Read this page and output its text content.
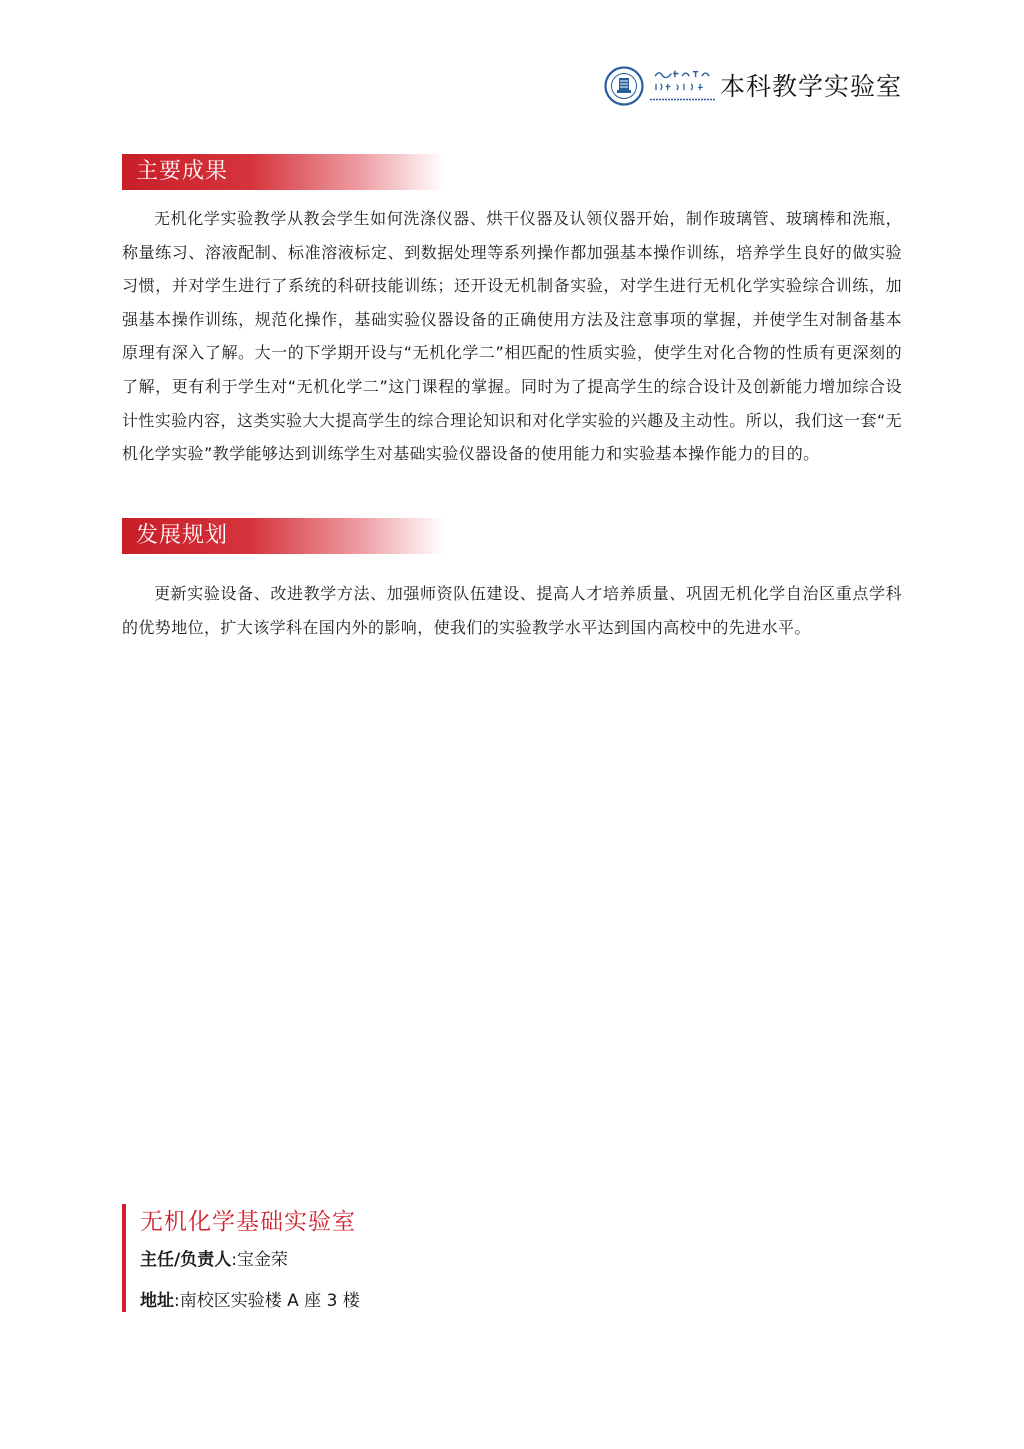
本科教学实验室
主要成果

无机化学实验教学从教会学生如何洗涤仪器、烘干仪器及认领仪器开始，制作玻璃管、玻璃棒和洗瓶，称量练习、溶液配制、标准溶液标定、到数据处理等系列操作都加强基本操作训练，培养学生良好的做实验习惯，并对学生进行了系统的科研技能训练；还开设无机制备实验，对学生进行无机化学实验综合训练，加强基本操作训练，规范化操作，基础实验仪器设备的正确使用方法及注意事项的掌握，并使学生对制备基本原理有深入了解。大一的下学期开设与“无机化学二”相匹配的性质实验，使学生对化合物的性质有更深刻的了解，更有利于学生对“无机化学二”这门课程的掌握。同时为了提高学生的综合设计及创新能力增加综合设计性实验内容，这类实验大大提高学生的综合理论知识和对化学实验的兴趣及主动性。所以，我们这一套“无机化学实验”教学能够达到训练学生对基础实验仪器设备的使用能力和实验基本操作能力的目的。

发展规划

更新实验设备、改进教学方法、加强师资队伍建设、提高人才培养质量、巩固无机化学自治区重点学科的优势地位，扩大该学科在国内外的影响，使我们的实验教学水平达到国内高校中的先进水平。

无机化学基础实验室
主任/负责人:宝金荣
地址:南校区实验楼 A 座 3 楼
